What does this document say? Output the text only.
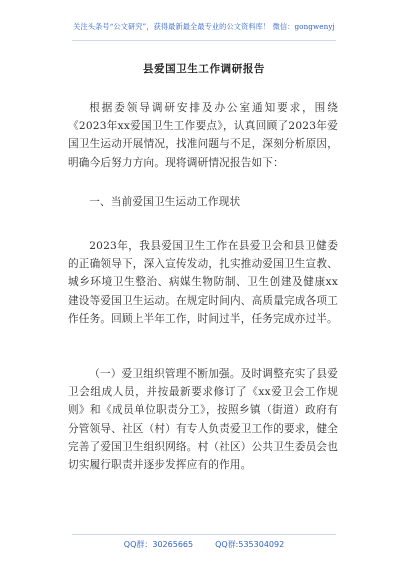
关注头条号“公文研究”，获得最新最全最专业的公文资料库！ 微信：gongwenyj
县爱国卫生工作调研报告

根据委领导调研安排及办公室通知要求，围绕《2023年xx爱国卫生工作要点》，认真回顾了2023年爱国卫生运动开展情况，找准问题与不足，深刻分析原因，明确今后努力方向。现将调研情况报告如下：

一、当前爱国卫生运动工作现状

2023年，我县爱国卫生工作在县爱卫会和县卫健委的正确领导下，深入宣传发动，扎实推动爱国卫生宣教、城乡环境卫生整治、病媒生物防制、卫生创建及健康xx建设等爱国卫生运动。在规定时间内、高质量完成各项工作任务。回顾上半年工作，时间过半，任务完成亦过半。

（一）爱卫组织管理不断加强。及时调整充实了县爱卫会组成人员，并按最新要求修订了《xx爱卫会工作规则》和《成员单位职责分工》，按照乡镇（街道）政府有分管领导、社区（村）有专人负责爱卫工作的要求，健全完善了爱国卫生组织网络。村（社区）公共卫生委员会也切实履行职责并逐步发挥应有的作用。

QQ群：30265665	QQ群:535304092
